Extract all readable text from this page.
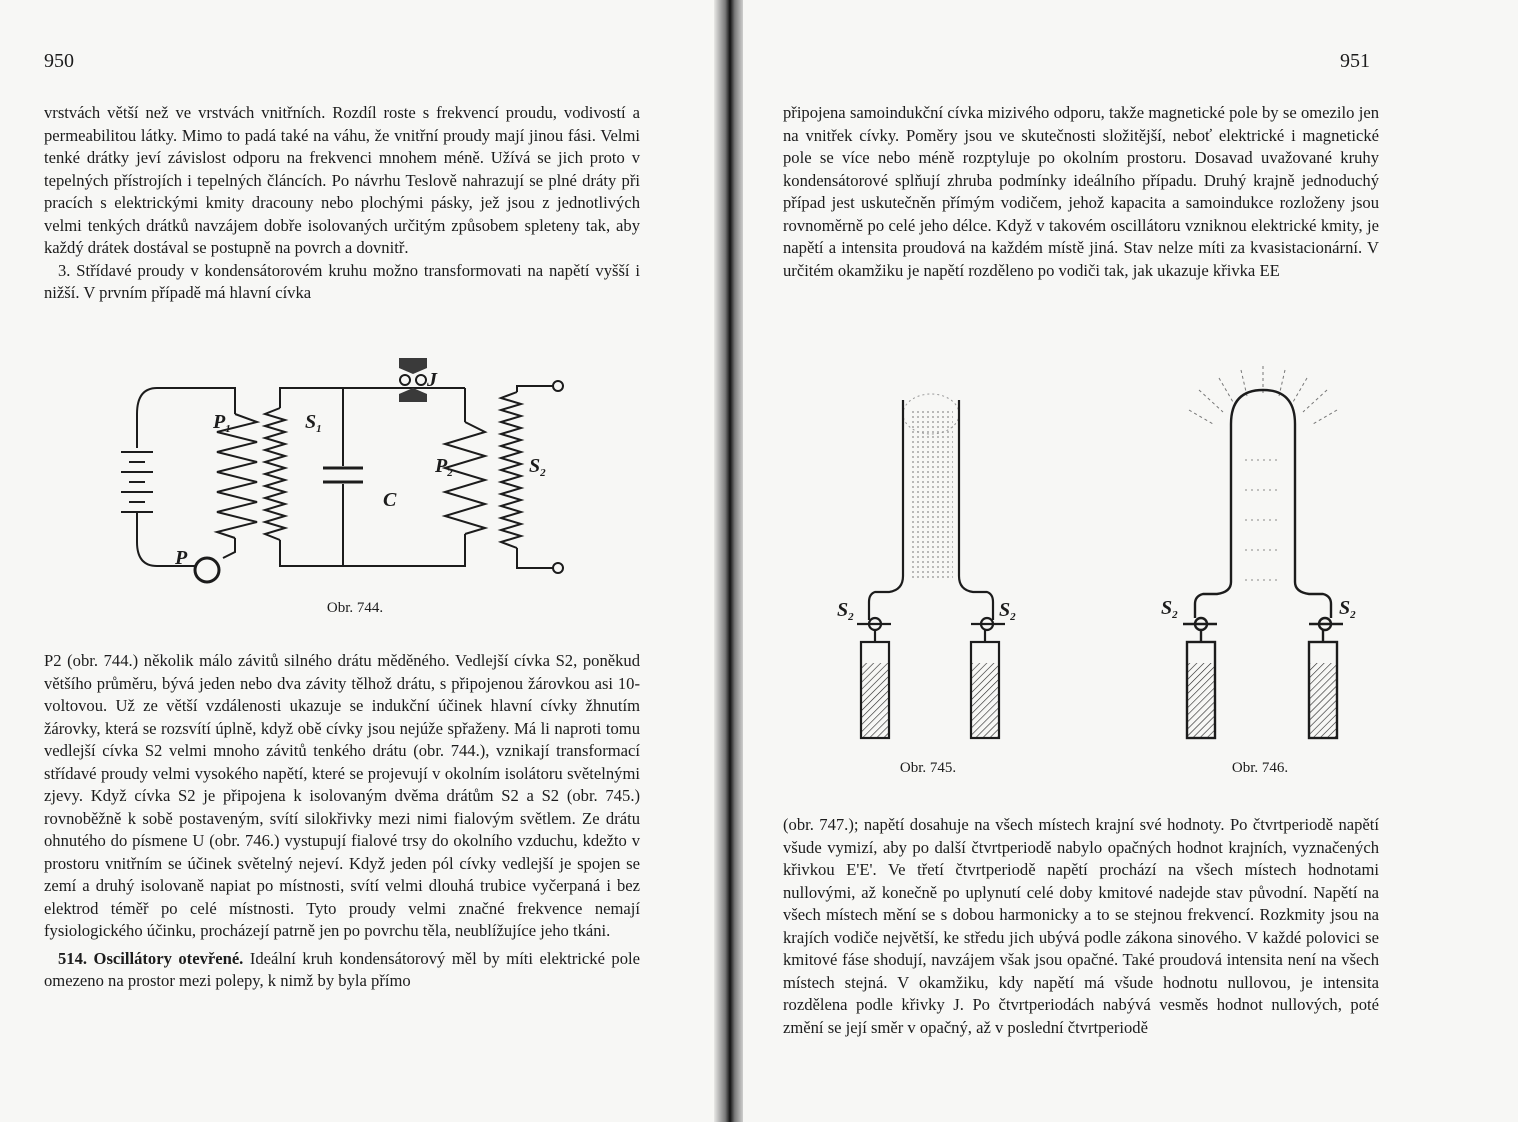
950

vrstvách větší než ve vrstvách vnitřních. Rozdíl roste s frekvencí proudu, vodivostí a permeabilitou látky. Mimo to padá také na váhu, že vnitřní proudy mají jinou fási. Velmi tenké drátky jeví závislost odporu na frekvenci mnohem méně. Užívá se jich proto v tepelných přístrojích i tepelných článcích. Po návrhu Teslově nahrazují se plné dráty při pracích s elektrickými kmity dracouny nebo plochými pásky, jež jsou z jednotlivých velmi tenkých drátků navzájem dobře isolovaných určitým způsobem spleteny tak, aby každý drátek dostával se postupně na povrch a dovnitř.

3. Střídavé proudy v kondensátorovém kruhu možno transformovati na napětí vyšší i nižší. V prvním případě má hlavní cívka

$P_1$	$S_1$
J
C
$P_2$	$S_2$
P
Obr. 744.

P2 (obr. 744.) několik málo závitů silného drátu měděného. Vedlejší cívka S2, poněkud většího průměru, bývá jeden nebo dva závity tělhož drátu, s připojenou žárovkou asi 10-voltovou. Už ze větší vzdálenosti ukazuje se indukční účinek hlavní cívky žhnutím žárovky, která se rozsvítí úplně, když obě cívky jsou nejúže spřaženy. Má li naproti tomu vedlejší cívka S2 velmi mnoho závitů tenkého drátu (obr. 744.), vznikají transformací střídavé proudy velmi vysokého napětí, které se projevují v okolním isolátoru světelnými zjevy. Když cívka S2 je připojena k isolovaným dvěma drátům S2 a S2 (obr. 745.) rovnoběžně k sobě postaveným, svítí silokřivky mezi nimi fialovým světlem. Ze drátu ohnutého do písmene U (obr. 746.) vystupují fialové trsy do okolního vzduchu, kdežto v prostoru vnitřním se účinek světelný nejeví. Když jeden pól cívky vedlejší je spojen se zemí a druhý isolovaně napiat po místnosti, svítí velmi dlouhá trubice vyčerpaná i bez elektrod téměř po celé místnosti. Tyto proudy velmi značné frekvence nemají fysiologického účinku, procházejí patrně jen po povrchu těla, neublížujíce jeho tkáni.

514. Oscillátory otevřené. Ideální kruh kondensátorový měl by míti elektrické pole omezeno na prostor mezi polepy, k nimž by byla přímo

951
připojena samoindukční cívka mizivého odporu, takže magnetické pole by se omezilo jen na vnitřek cívky. Poměry jsou ve skutečnosti složitější, neboť elektrické i magnetické pole se více nebo méně rozptyluje po okolním prostoru. Dosavad uvažované kruhy kondensátorové splňují zhruba podmínky ideálního případu. Druhý krajně jednoduchý případ jest uskutečněn přímým vodičem, jehož kapacita a samoindukce rozloženy jsou rovnoměrně po celé jeho délce. Když v takovém oscillátoru vzniknou elektrické kmity, je napětí a intensita proudová na každém místě jiná. Stav nelze míti za kvasistacionární. V určitém okamžiku je napětí rozděleno po vodiči tak, jak ukazuje křivka EE
$S_2$	$S_2$
Obr. 745.
$S_2$	$S_2$
Obr. 746.
(obr. 747.); napětí dosahuje na všech místech krajní své hodnoty. Po čtvrtperiodě napětí všude vymizí, aby po další čtvrtperiodě nabylo opačných hodnot krajních, vyznačených křivkou E'E'. Ve třetí čtvrtperiodě napětí prochází na všech místech hodnotami nullovými, až konečně po uplynutí celé doby kmitové nadejde stav původní. Napětí na všech místech mění se s dobou harmonicky a to se stejnou frekvencí. Rozkmity jsou na krajích vodiče největší, ke středu jich ubývá podle zákona sinového. V každé polovici se kmitové fáse shodují, navzájem však jsou opačné. Také proudová intensita není na všech místech stejná. V okamžiku, kdy napětí má všude hodnotu nullovou, je intensita rozdělena podle křivky J. Po čtvrtperiodách nabývá vesměs hodnot nullových, poté změní se její směr v opačný, až v poslední čtvrtperiodě
